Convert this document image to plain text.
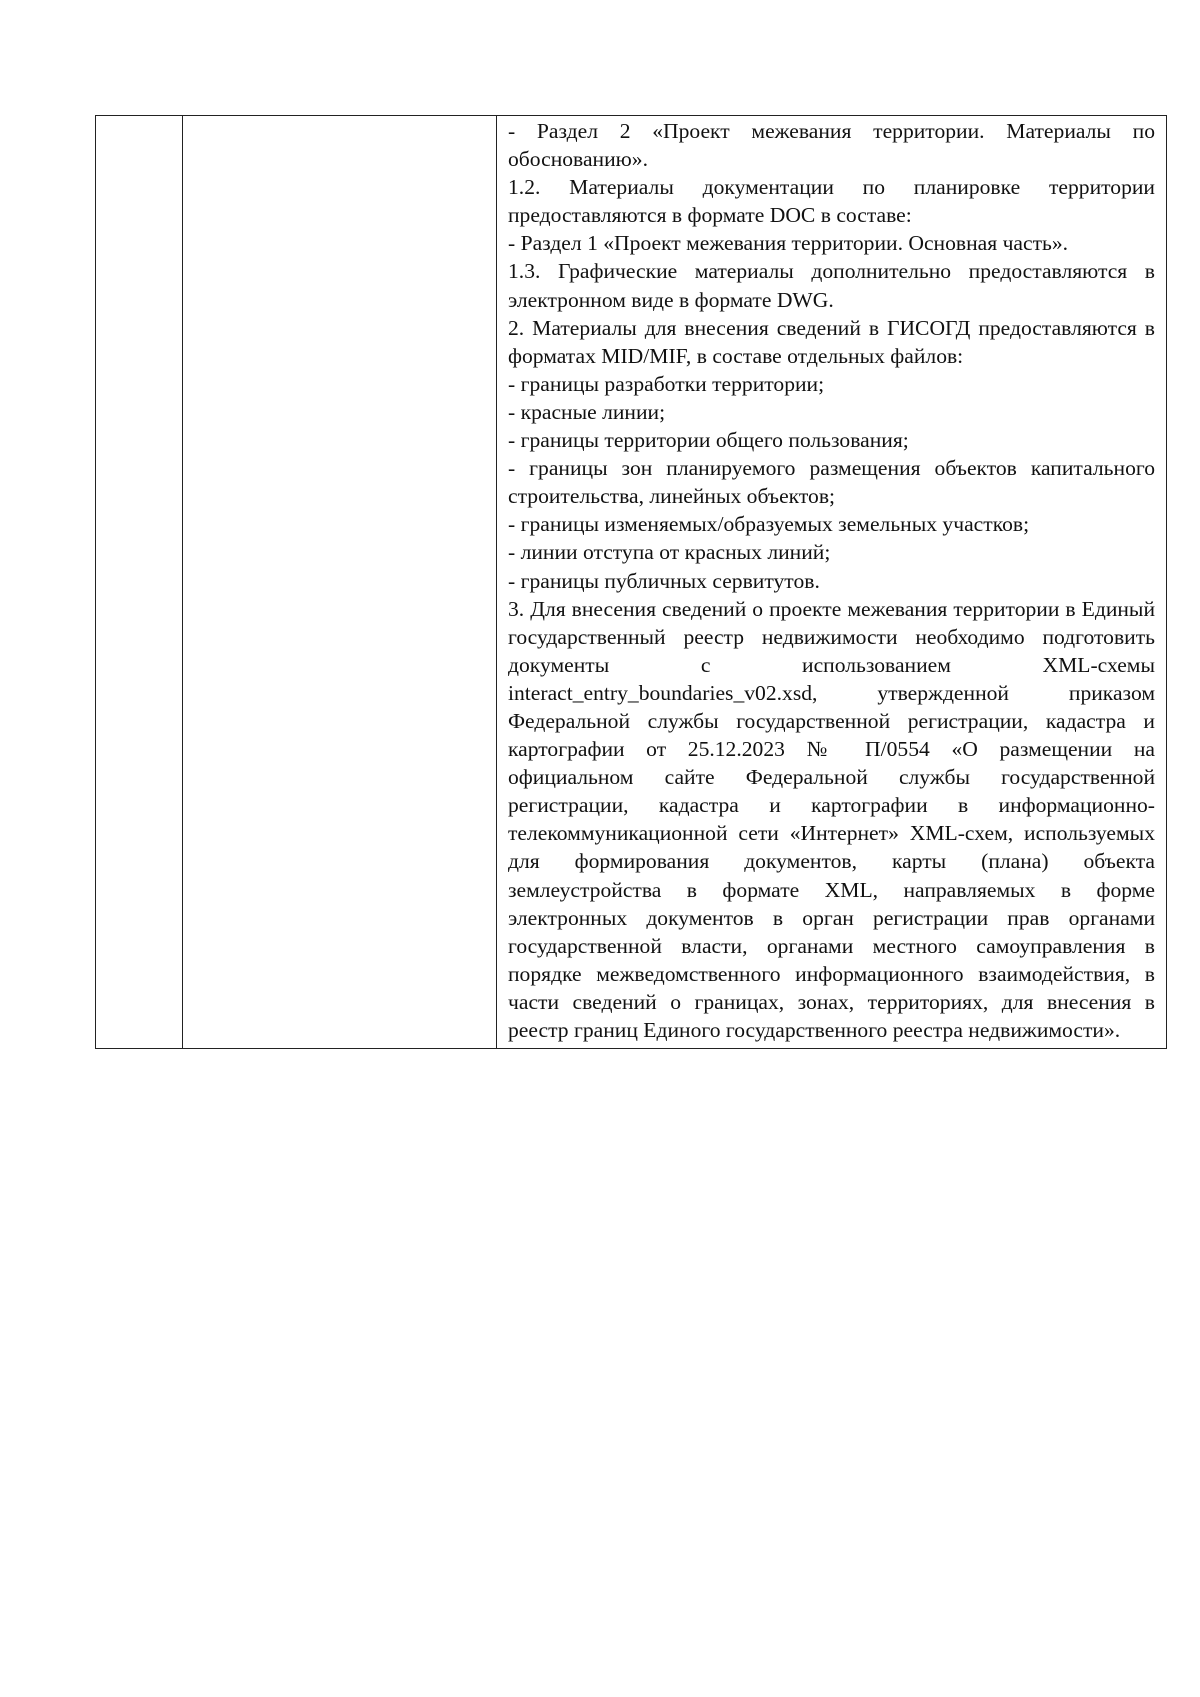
- Раздел 2 «Проект межевания территории. Материалы по обоснованию».

1.2. Материалы документации по планировке территории предоставляются в формате DOC в составе:

- Раздел 1 «Проект межевания территории. Основная часть».

1.3. Графические материалы дополнительно предоставляются в электронном виде в формате DWG.

2. Материалы для внесения сведений в ГИСОГД предоставляются в форматах MID/MIF, в составе отдельных файлов:

- границы разработки территории;

- красные линии;

- границы территории общего пользования;

- границы зон планируемого размещения объектов капитального строительства, линейных объектов;

- границы изменяемых/образуемых земельных участков;

- линии отступа от красных линий;

- границы публичных сервитутов.

3. Для внесения сведений о проекте межевания территории в Единый государственный реестр недвижимости необходимо подготовить документы с использованием XML-схемы interact_entry_boundaries_v02.xsd, утвержденной приказом Федеральной службы государственной регистрации, кадастра и картографии от 25.12.2023 № П/0554 «О размещении на официальном сайте Федеральной службы государственной регистрации, кадастра и картографии в информационно-телекоммуникационной сети «Интернет» XML-схем, используемых для формирования документов, карты (плана) объекта землеустройства в формате XML, направляемых в форме электронных документов в орган регистрации прав органами государственной власти, органами местного самоуправления в порядке межведомственного информационного взаимодействия, в части сведений о границах, зонах, территориях, для внесения в реестр границ Единого государственного реестра недвижимости».
